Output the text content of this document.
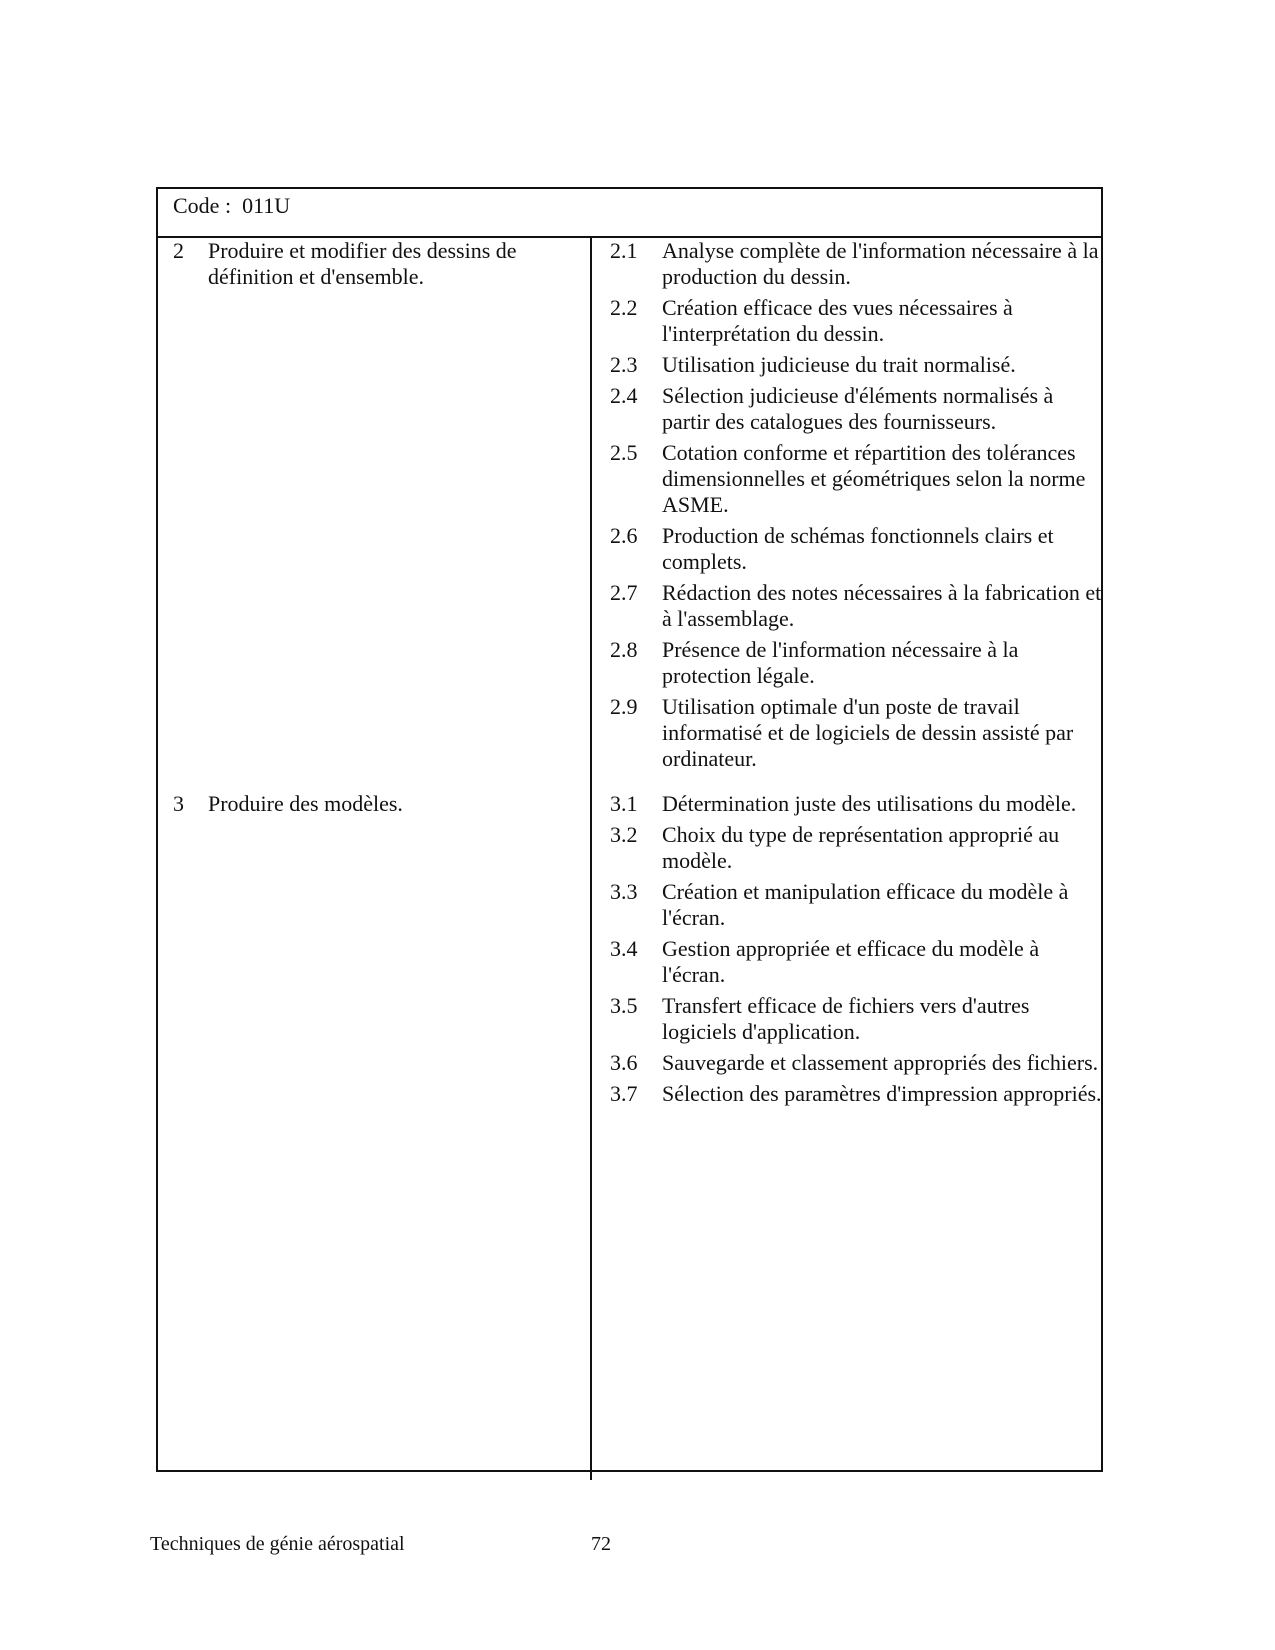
Code : 011U
2 Produire et modifier des dessins de définition et d'ensemble.
2.1 Analyse complète de l'information nécessaire à la production du dessin.
2.2 Création efficace des vues nécessaires à l'interprétation du dessin.
2.3 Utilisation judicieuse du trait normalisé.
2.4 Sélection judicieuse d'éléments normalisés à partir des catalogues des fournisseurs.
2.5 Cotation conforme et répartition des tolérances dimensionnelles et géométriques selon la norme ASME.
2.6 Production de schémas fonctionnels clairs et complets.
2.7 Rédaction des notes nécessaires à la fabrication et à l'assemblage.
2.8 Présence de l'information nécessaire à la protection légale.
2.9 Utilisation optimale d'un poste de travail informatisé et de logiciels de dessin assisté par ordinateur.
3 Produire des modèles.	3.1 Détermination juste des utilisations du modèle.
3.2 Choix du type de représentation approprié au modèle.
3.3 Création et manipulation efficace du modèle à l'écran.
3.4 Gestion appropriée et efficace du modèle à l'écran.
3.5 Transfert efficace de fichiers vers d'autres logiciels d'application.
3.6 Sauvegarde et classement appropriés des fichiers.
3.7 Sélection des paramètres d'impression appropriés.
Techniques de génie aérospatial	72
